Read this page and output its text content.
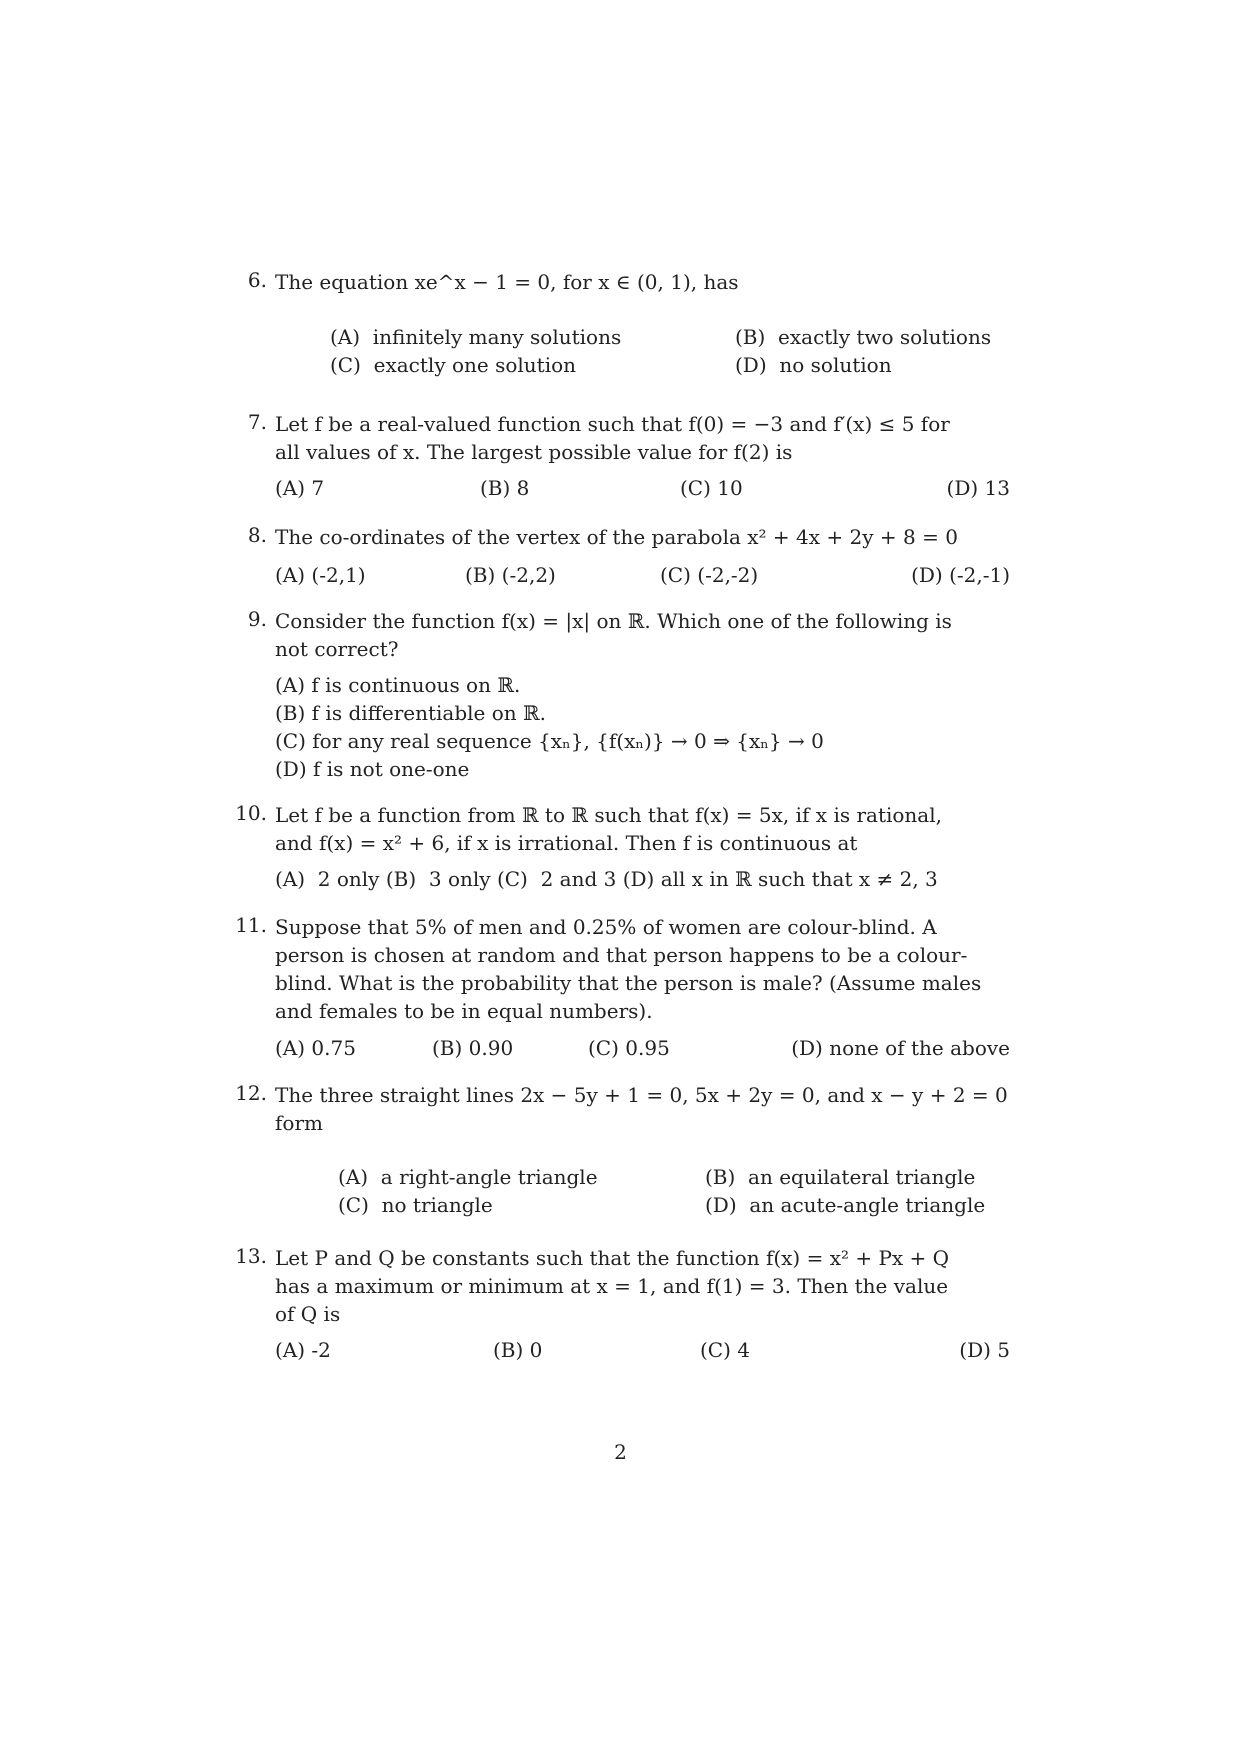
6. The equation xe^x − 1 = 0, for x ∈ (0, 1), has
(A) infinitely many solutions	(B) exactly two solutions
(C) exactly one solution	(D) no solution
7. Let f be a real-valued function such that f(0) = −3 and f′(x) ≤ 5 for
all values of x. The largest possible value for f(2) is
(A) 7	(B) 8	(C) 10	(D) 13
8. The co-ordinates of the vertex of the parabola x² + 4x + 2y + 8 = 0
(A) (-2,1)	(B) (-2,2)	(C) (-2,-2)	(D) (-2,-1)
9. Consider the function f(x) = |x| on ℝ. Which one of the following is
not correct?
(A) f is continuous on ℝ.
(B) f is differentiable on ℝ.
(C) for any real sequence {xₙ}, {f(xₙ)} → 0 ⇒ {xₙ} → 0
(D) f is not one-one
10. Let f be a function from ℝ to ℝ such that f(x) = 5x, if x is rational,
and f(x) = x² + 6, if x is irrational. Then f is continuous at
(A) 2 only (B) 3 only (C) 2 and 3 (D) all x in ℝ such that x ≠ 2, 3
11. Suppose that 5% of men and 0.25% of women are colour-blind. A
person is chosen at random and that person happens to be a colour-
blind. What is the probability that the person is male? (Assume males
and females to be in equal numbers).
(A) 0.75	(B) 0.90	(C) 0.95	(D) none of the above
12. The three straight lines 2x − 5y + 1 = 0, 5x + 2y = 0, and x − y + 2 = 0
form
(A) a right-angle triangle	(B) an equilateral triangle
(C) no triangle	(D) an acute-angle triangle
13. Let P and Q be constants such that the function f(x) = x² + Px + Q
has a maximum or minimum at x = 1, and f(1) = 3. Then the value
of Q is
(A) -2	(B) 0	(C) 4	(D) 5
2
